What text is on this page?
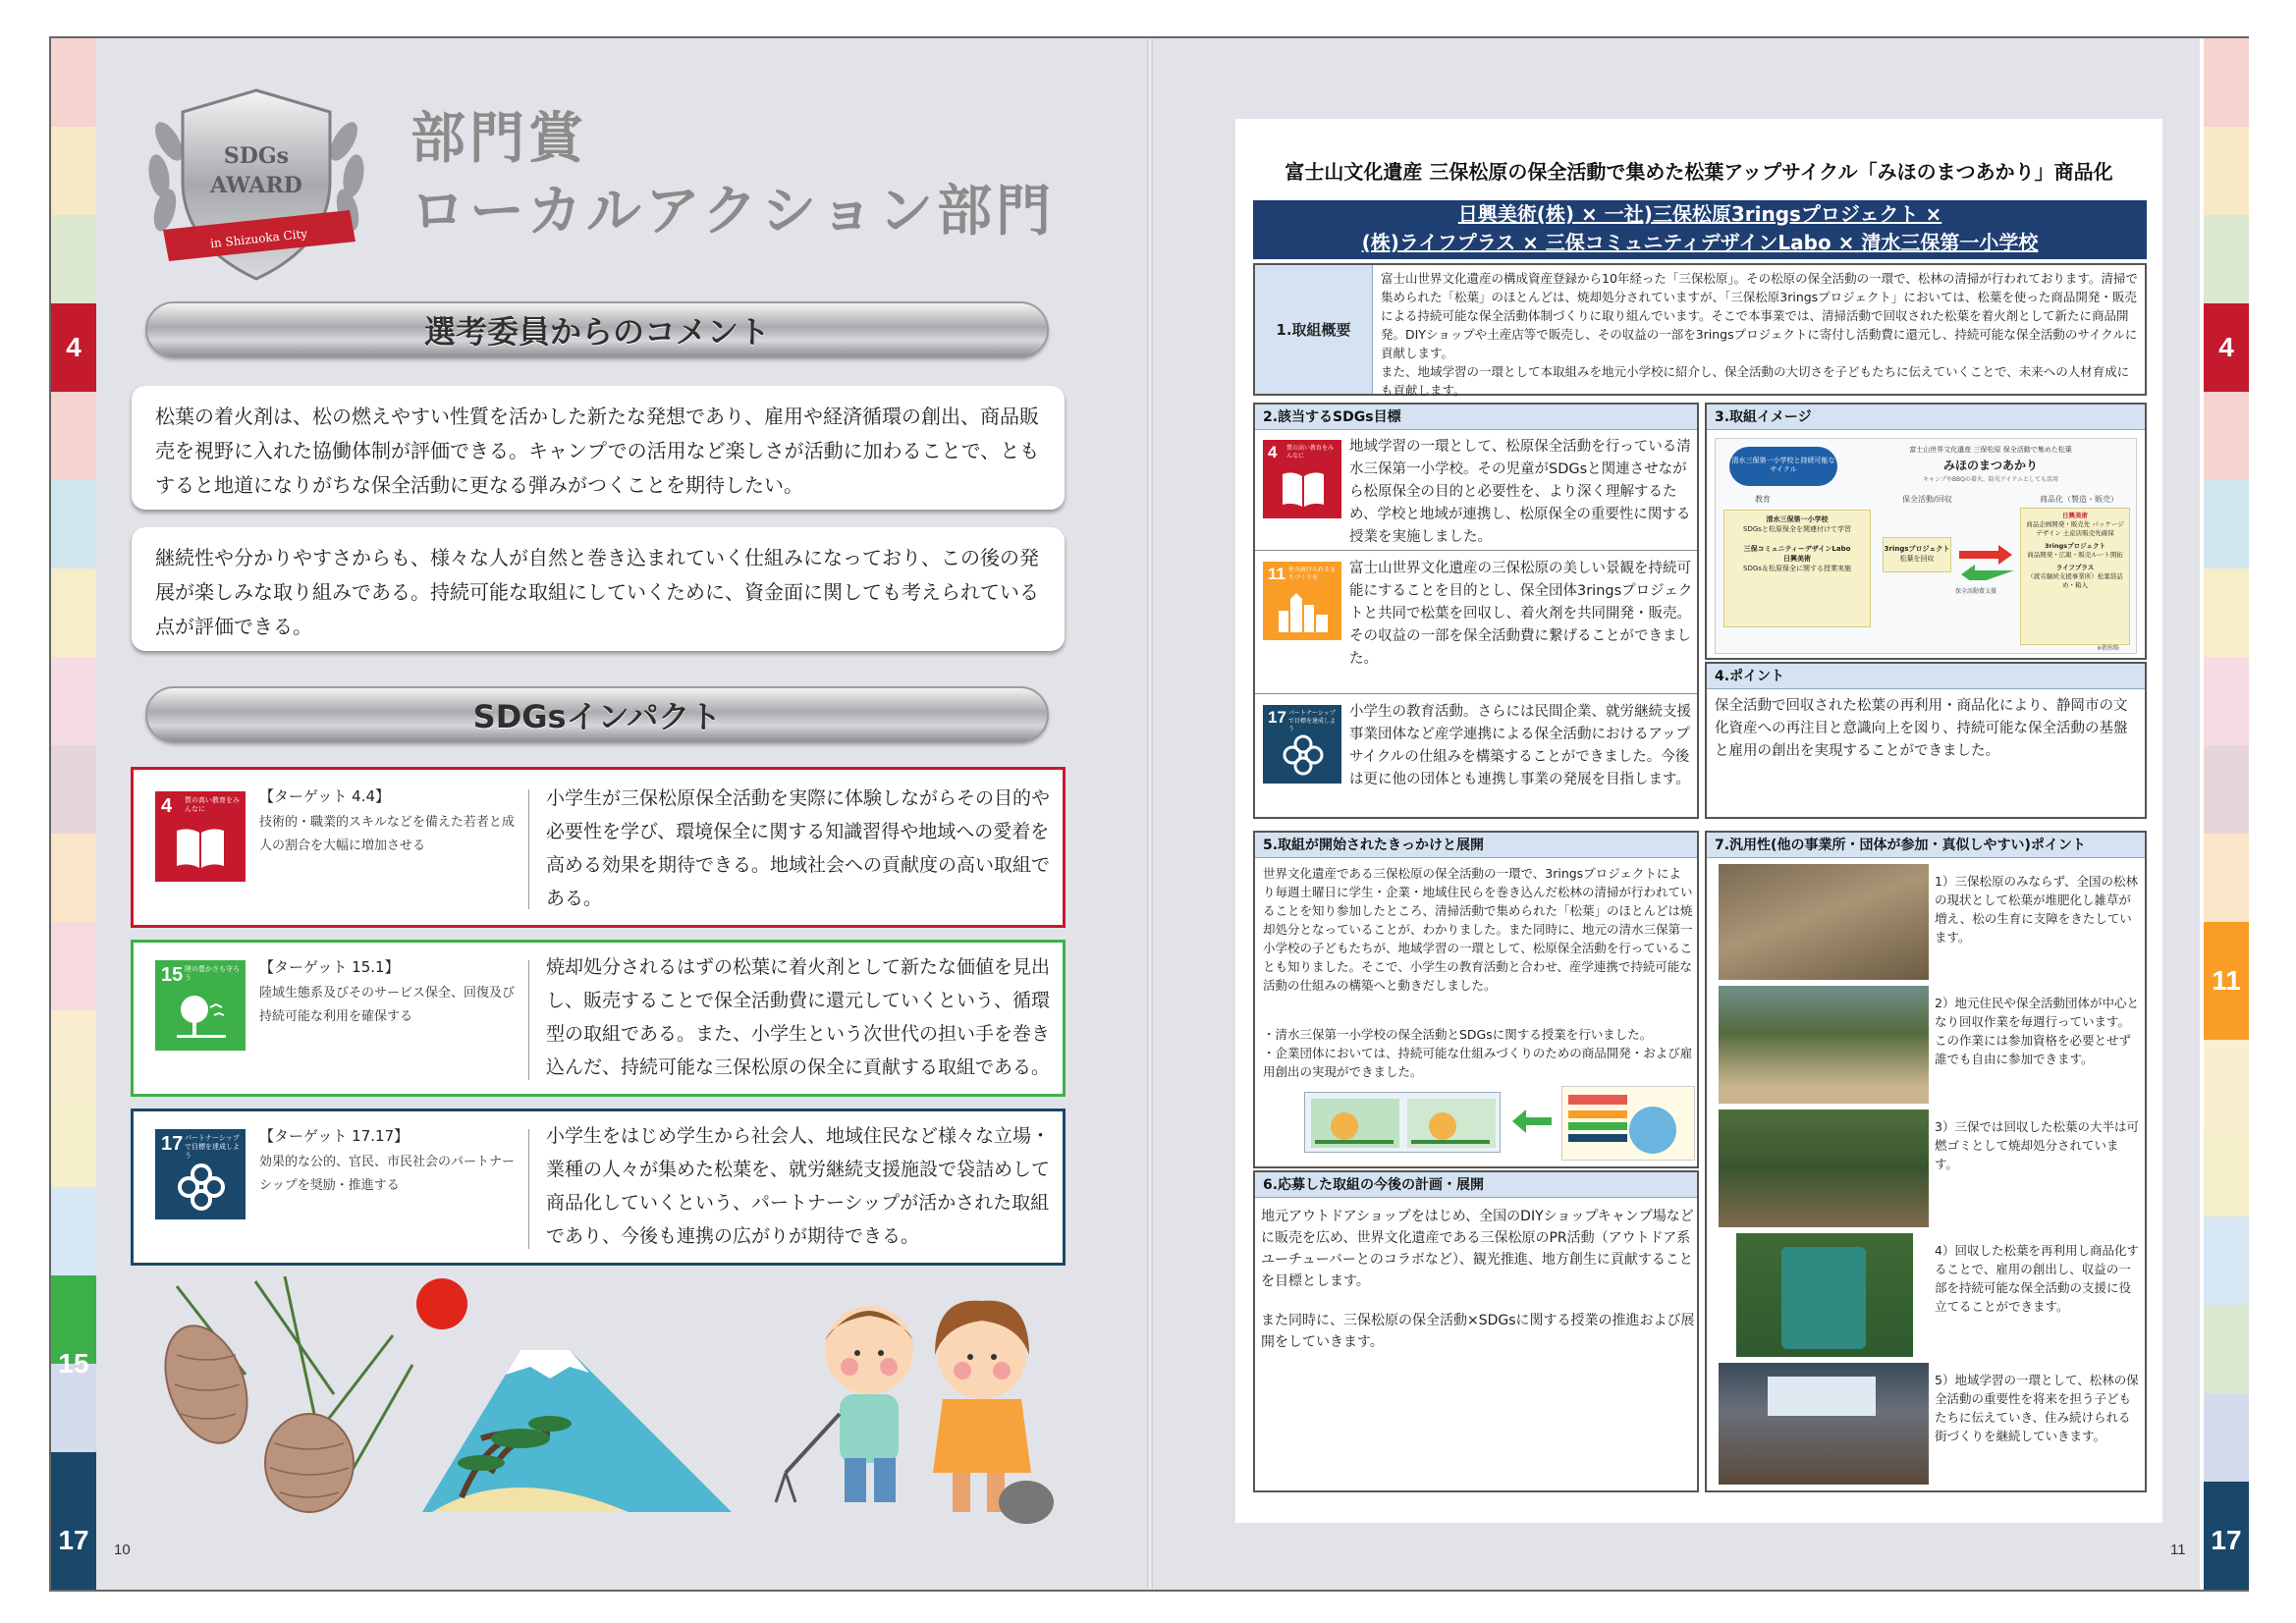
4
15
17
4
11
17
SDGs
AWARD
in Shizuoka City
部門賞
ローカルアクション部門
選考委員からのコメント
松葉の着火剤は、松の燃えやすい性質を活かした新たな発想であり、雇用や経済循環の創出、商品販売を視野に入れた協働体制が評価できる。キャンプでの活用など楽しさが活動に加わることで、ともすると地道になりがちな保全活動に更なる弾みがつくことを期待したい。
継続性や分かりやすさからも、様々な人が自然と巻き込まれていく仕組みになっており、この後の発展が楽しみな取り組みである。持続可能な取組にしていくために、資金面に関しても考えられている点が評価できる。
SDGsインパクト
4 質の高い教育をみんなに
【ターゲット 4.4】
技術的・職業的スキルなどを備えた若者と成人の割合を大幅に増加させる
小学生が三保松原保全活動を実際に体験しながらその目的や必要性を学び、環境保全に関する知識習得や地域への愛着を高める効果を期待できる。地域社会への貢献度の高い取組である。
15 陸の豊かさも守ろう
【ターゲット 15.1】
陸域生態系及びそのサービス保全、回復及び持続可能な利用を確保する
焼却処分されるはずの松葉に着火剤として新たな価値を見出し、販売することで保全活動費に還元していくという、循環型の取組である。また、小学生という次世代の担い手を巻き込んだ、持続可能な三保松原の保全に貢献する取組である。
17 パートナーシップで目標を達成しよう
【ターゲット 17.17】
効果的な公的、官民、市民社会のパートナーシップを奨励・推進する
小学生をはじめ学生から社会人、地域住民など様々な立場・業種の人々が集めた松葉を、就労継続支援施設で袋詰めして商品化していくという、パートナーシップが活かされた取組であり、今後も連携の広がりが期待できる。
10
富士山文化遺産 三保松原の保全活動で集めた松葉アップサイクル「みほのまつあかり」商品化
日興美術(株) × 一社)三保松原3ringsプロジェクト ×
(株)ライフプラス × 三保コミュニティデザインLabo × 清水三保第一小学校
1.取組概要
富士山世界文化遺産の構成資産登録から10年経った「三保松原」。その松原の保全活動の一環で、松林の清掃が行われております。清掃で集められた「松葉」のほとんどは、焼却処分されていますが、「三保松原3ringsプロジェクト」においては、松葉を使った商品開発・販売による持続可能な保全活動体制づくりに取り組んでいます。そこで本事業では、清掃活動で回収された松葉を着火剤として新たに商品開発。DIYショップや土産店等で販売し、その収益の一部を3ringsプロジェクトに寄付し活動費に還元し、持続可能な保全活動のサイクルに貢献します。
また、地域学習の一環として本取組みを地元小学校に紹介し、保全活動の大切さを子どもたちに伝えていくことで、未来への人材育成にも貢献します。
2.該当するSDGs目標
4 質の高い教育をみんなに
地域学習の一環として、松原保全活動を行っている清水三保第一小学校。その児童がSDGsと関連させながら松原保全の目的と必要性を、より深く理解するため、学校と地域が連携し、松原保全の重要性に関する授業を実施しました。
11 住み続けられるまちづくりを
富士山世界文化遺産の三保松原の美しい景観を持続可能にすることを目的とし、保全団体3ringsプロジェクトと共同で松葉を回収し、着火剤を共同開発・販売。その収益の一部を保全活動費に繋げることができました。
17 パートナーシップで目標を達成しよう
小学生の教育活動。さらには民間企業、就労継続支援事業団体など産学連携による保全活動におけるアップサイクルの仕組みを構築することができました。今後は更に他の団体とも連携し事業の発展を目指します。
3.取組イメージ
清水三保第一小学校と持続可能なサイクル
富士山世界文化遺産 三保松原 保全活動で集めた松葉
みほのまつあかり
キャンプやBBQの着火、防災アイテムとしても活用
教育	保全活動/回収	商品化（製造・販売）
清水三保第一小学校
SDGsと松原保全を関連付けて学習
三保コミュニティーデザインLabo
日興美術
SDGs＆松原保全に関する授業実施
3ringsプロジェクト
松葉を回収
保全活動費支援
日興美術
商品企画開発・販売先 パッケージデザイン 土産店販売先確保
3ringsプロジェクト
商品開発・広報・販売ルート開拓
ライフプラス
（就労継続支援事業所）松葉袋詰め・箱入
※敬称略
4.ポイント
保全活動で回収された松葉の再利用・商品化により、静岡市の文化資産への再注目と意識向上を図り、持続可能な保全活動の基盤と雇用の創出を実現することができました。
5.取組が開始されたきっかけと展開
世界文化遺産である三保松原の保全活動の一環で、3ringsプロジェクトにより毎週土曜日に学生・企業・地域住民らを巻き込んだ松林の清掃が行われていることを知り参加したところ、清掃活動で集められた「松葉」のほとんどは焼却処分となっていることが、わかりました。また同時に、地元の清水三保第一小学校の子どもたちが、地域学習の一環として、松原保全活動を行っていることも知りました。そこで、小学生の教育活動と合わせ、産学連携で持続可能な活動の仕組みの構築へと動きだしました。
・清水三保第一小学校の保全活動とSDGsに関する授業を行いました。
・企業団体においては、持続可能な仕組みづくりのための商品開発・および雇用創出の実現ができました。
6.応募した取組の今後の計画・展開
地元アウトドアショップをはじめ、全国のDIYショップキャンプ場などに販売を広め、世界文化遺産である三保松原のPR活動（アウトドア系ユーチューバーとのコラボなど）、観光推進、地方創生に貢献することを目標とします。
また同時に、三保松原の保全活動×SDGsに関する授業の推進および展開をしていきます。
7.汎用性(他の事業所・団体が参加・真似しやすい)ポイント
1）三保松原のみならず、全国の松林の現状として松葉が堆肥化し雑草が増え、松の生育に支障をきたしています。
2）地元住民や保全活動団体が中心となり回収作業を毎週行っています。この作業には参加資格を必要とせず誰でも自由に参加できます。
3）三保では回収した松葉の大半は可燃ゴミとして焼却処分されています。
4）回収した松葉を再利用し商品化することで、雇用の創出し、収益の一部を持続可能な保全活動の支援に役立てることができます。
5）地域学習の一環として、松林の保全活動の重要性を将来を担う子どもたちに伝えていき、住み続けられる街づくりを継続していきます。
11
